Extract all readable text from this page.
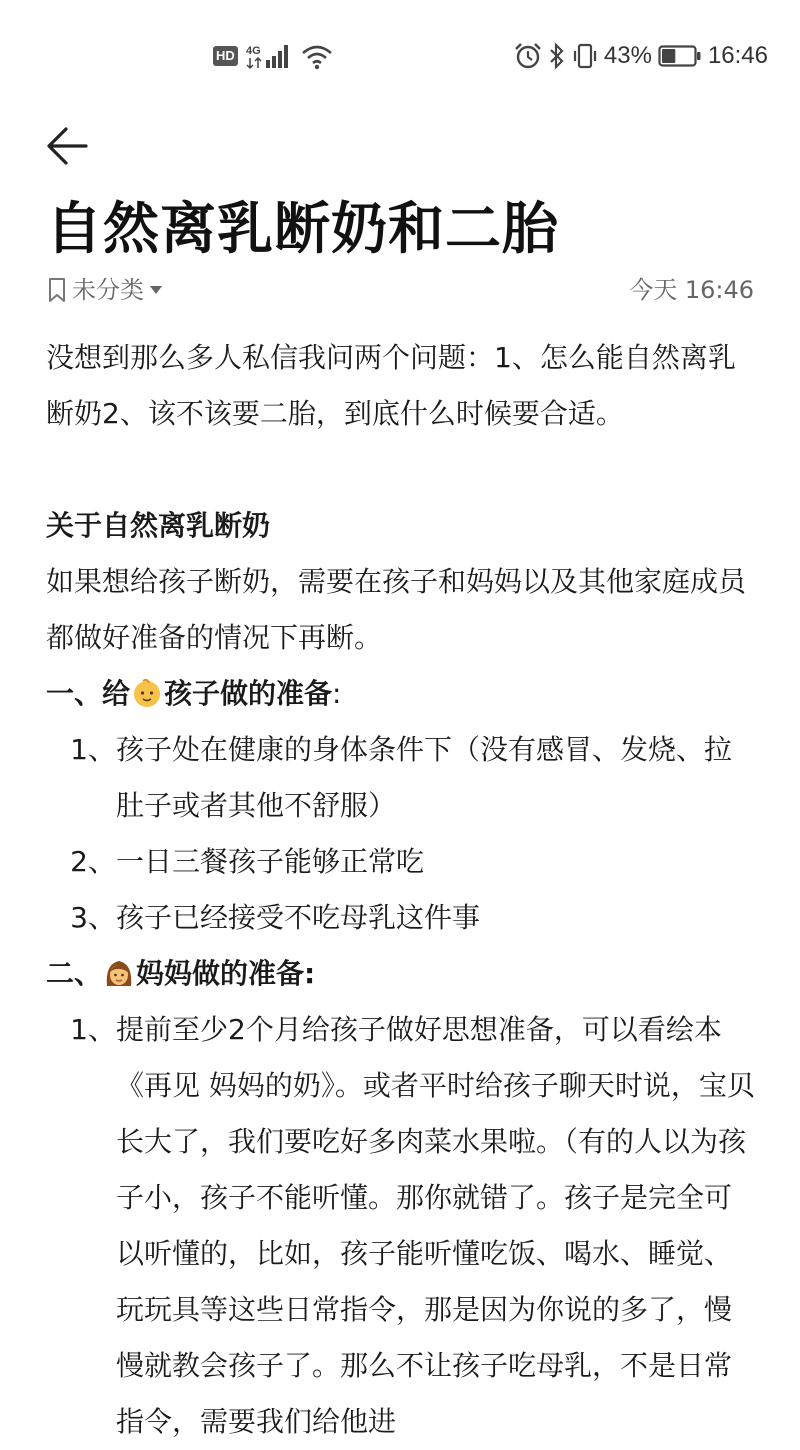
HD 4G	43% 16:46
自然离乳断奶和二胎
未分类	今天 16:46

没想到那么多人私信我问两个问题：1、怎么能自然离乳断奶2、该不该要二胎，到底什么时候要合适。

关于自然离乳断奶

如果想给孩子断奶，需要在孩子和妈妈以及其他家庭成员都做好准备的情况下再断。

一、给 孩子做的准备:

1、 孩子处在健康的身体条件下（没有感冒、发烧、拉肚子或者其他不舒服）
2、 一日三餐孩子能够正常吃
3、 孩子已经接受不吃母乳这件事

二、 妈妈做的准备:

1、 提前至少2个月给孩子做好思想准备，可以看绘本《再见 妈妈的奶》。或者平时给孩子聊天时说，宝贝长大了，我们要吃好多肉菜水果啦。（有的人以为孩子小，孩子不能听懂。那你就错了。孩子是完全可以听懂的，比如，孩子能听懂吃饭、喝水、睡觉、玩玩具等这些日常指令，那是因为你说的多了，慢慢就教会孩子了。那么不让孩子吃母乳，不是日常指令，需要我们给他进
